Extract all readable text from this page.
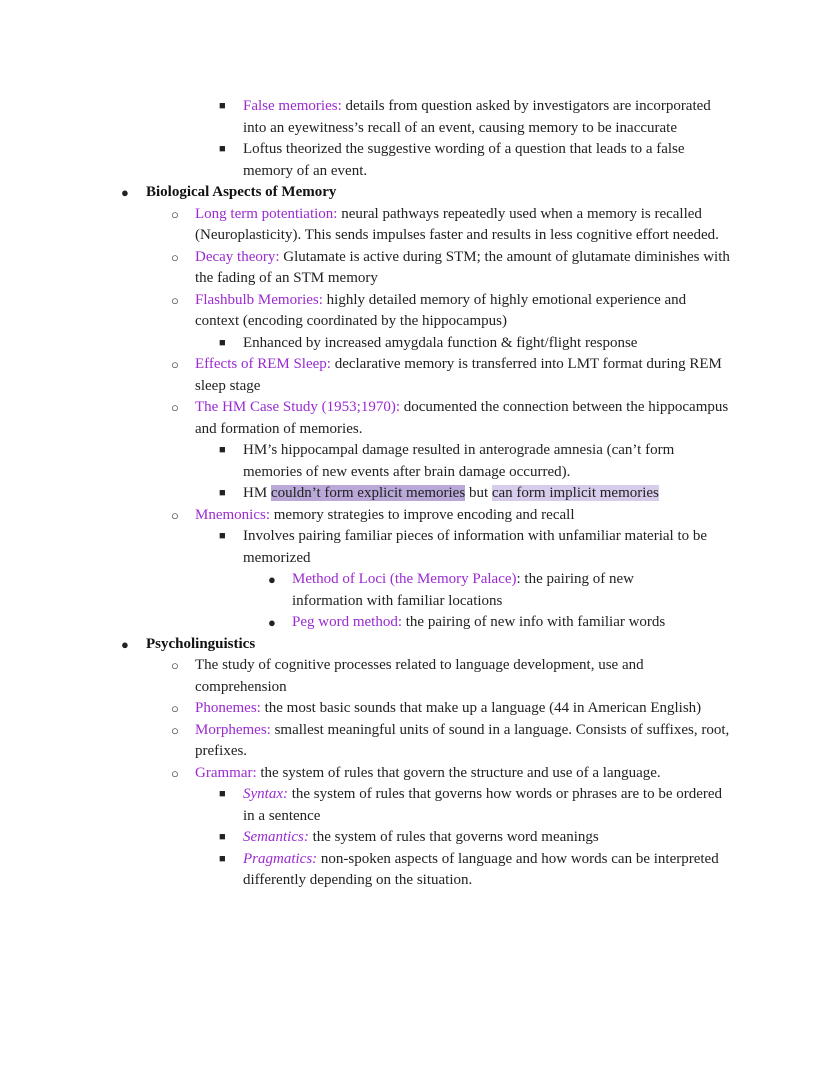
■ False memories: details from question asked by investigators are incorporated into an eyewitness’s recall of an event, causing memory to be inaccurate
■ Loftus theorized the suggestive wording of a question that leads to a false memory of an event.
● Biological Aspects of Memory
○ Long term potentiation: neural pathways repeatedly used when a memory is recalled (Neuroplasticity). This sends impulses faster and results in less cognitive effort needed.
○ Decay theory: Glutamate is active during STM; the amount of glutamate diminishes with the fading of an STM memory
○ Flashbulb Memories: highly detailed memory of highly emotional experience and context (encoding coordinated by the hippocampus)
■ Enhanced by increased amygdala function & fight/flight response
○ Effects of REM Sleep: declarative memory is transferred into LMT format during REM sleep stage
○ The HM Case Study (1953;1970): documented the connection between the hippocampus and formation of memories.
■ HM’s hippocampal damage resulted in anterograde amnesia (can’t form memories of new events after brain damage occurred).
■ HM couldn’t form explicit memories but can form implicit memories
○ Mnemonics: memory strategies to improve encoding and recall
■ Involves pairing familiar pieces of information with unfamiliar material to be memorized
● Method of Loci (the Memory Palace): the pairing of new information with familiar locations
● Peg word method: the pairing of new info with familiar words
● Psycholinguistics
○ The study of cognitive processes related to language development, use and comprehension
○ Phonemes: the most basic sounds that make up a language (44 in American English)
○ Morphemes: smallest meaningful units of sound in a language. Consists of suffixes, root, prefixes.
○ Grammar: the system of rules that govern the structure and use of a language.
■ Syntax: the system of rules that governs how words or phrases are to be ordered in a sentence
■ Semantics: the system of rules that governs word meanings
■ Pragmatics: non-spoken aspects of language and how words can be interpreted differently depending on the situation.
